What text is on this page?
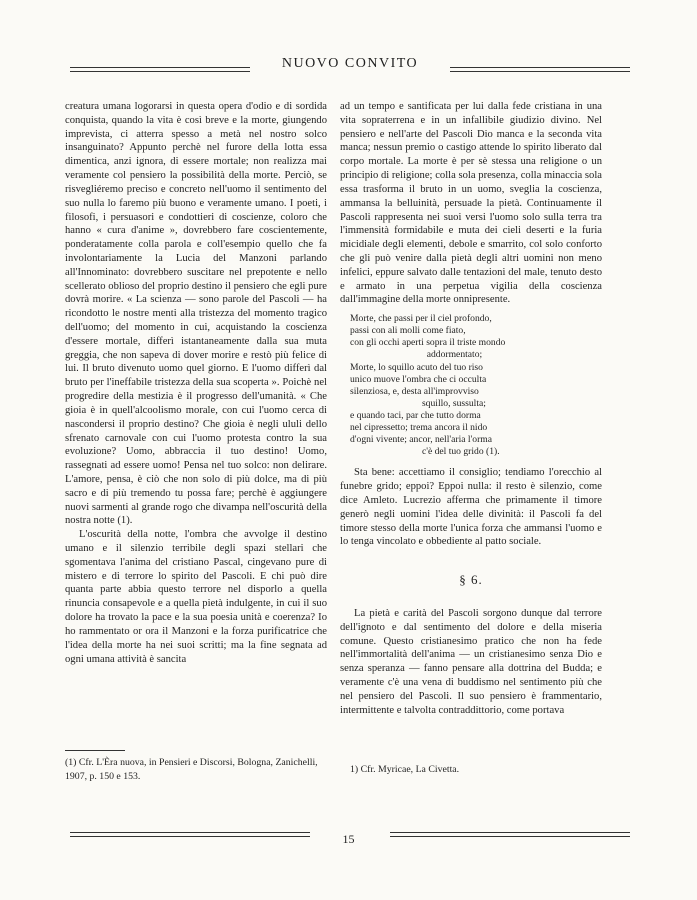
NUOVO CONVITO

creatura umana logorarsi in questa opera d'odio e di sordida conquista, quando la vita è così breve e la morte, giungendo imprevista, ci atterra spesso a metà nel nostro solco insanguinato? Appunto perchè nel furore della lotta essa dimentica, anzi ignora, di essere mortale; non realizza mai veramente col pensiero la possibilità della morte. Perciò, se risvegliéremo preciso e concreto nell'uomo il sentimento del suo nulla lo faremo più buono e veramente umano. I poeti, i filosofi, i persuasori e condottieri di coscienze, coloro che hanno « cura d'anime », dovrebbero fare coscientemente, ponderatamente colla parola e coll'esempio quello che fa involontariamente la Lucia del Manzoni parlando all'Innominato: dovrebbero suscitare nel prepotente e nello scellerato oblioso del proprio destino il pensiero che egli pure dovrà morire. « La scienza — sono parole del Pascoli — ha ricondotto le nostre menti alla tristezza del momento tragico dell'uomo; del momento in cui, acquistando la coscienza d'essere mortale, differì istantaneamente dalla sua muta greggia, che non sapeva di dover morire e restò più felice di lui. Il bruto divenuto uomo quel giorno. E l'uomo differì dal bruto per l'ineffabile tristezza della sua scoperta ». Poichè nel progredire della mestizia è il progresso dell'umanità. « Che gioia è in quell'alcoolismo morale, con cui l'uomo cerca di nascondersi il proprio destino? Che gioia è negli ululi dello sfrenato carnovale con cui l'uomo protesta contro la sua evoluzione? Uomo, abbraccia il tuo destino! Uomo, rassegnati ad essere uomo! Pensa nel tuo solco: non delirare. L'amore, pensa, è ciò che non solo di più dolce, ma di più sacro e di più tremendo tu possa fare; perchè è aggiungere nuovi sarmenti al grande rogo che divampa nell'oscurità della nostra notte (1).

L'oscurità della notte, l'ombra che avvolge il destino umano e il silenzio terribile degli spazi stellari che sgomentava l'anima del cristiano Pascal, cingevano pure di mistero e di terrore lo spirito del Pascoli. E chi può dire quanta parte abbia questo terrore nel disporlo a quella rinuncia consapevole e a quella pietà indulgente, in cui il suo dolore ha trovato la pace e la sua poesia unità e coerenza? Io ho rammentato or ora il Manzoni e la forza purificatrice che l'idea della morte ha nei suoi scritti; ma la fine segnata ad ogni umana attività è sancita

ad un tempo e santificata per lui dalla fede cristiana in una vita sopraterrena e in un infallibile giudizio divino. Nel pensiero e nell'arte del Pascoli Dio manca e la seconda vita manca; nessun premio o castigo attende lo spirito liberato dal corpo mortale. La morte è per sè stessa una religione o un principio di religione; colla sola presenza, colla minaccia sola essa trasforma il bruto in un uomo, sveglia la coscienza, ammansa la belluinità, persuade la pietà. Continuamente il Pascoli rappresenta nei suoi versi l'uomo solo sulla terra tra l'immensità formidabile e muta dei cieli deserti e la furia micidiale degli elementi, debole e smarrito, col solo conforto che gli può venire dalla pietà degli altri uomini non meno infelici, eppure salvato dalle tentazioni del male, tenuto desto e armato in una perpetua vigilia della coscienza dall'immagine della morte onnipresente.

Morte, che passi per il ciel profondo,
passi con ali molli come fiato,
con gli occhi aperti sopra il triste mondo
addormentato;
Morte, lo squillo acuto del tuo riso
unico muove l'ombra che ci occulta
silenziosa, e, desta all'improvviso
squillo, sussulta;
e quando taci, par che tutto dorma
nel cipressetto; trema ancora il nido
d'ogni vivente; ancor, nell'aria l'orma
c'è del tuo grido (1).

Sta bene: accettiamo il consiglio; tendiamo l'orecchio al funebre grido; eppoi? Eppoi nulla: il resto è silenzio, come dice Amleto. Lucrezio afferma che primamente il timore generò negli uomini l'idea delle divinità: il Pascoli fa del timore stesso della morte l'unica forza che ammansi l'uomo e lo tenga vincolato e obbediente al patto sociale.

§ 6.

La pietà e carità del Pascoli sorgono dunque dal terrore dell'ignoto e dal sentimento del dolore e della miseria comune. Questo cristianesimo pratico che non ha fede nell'immortalità dell'anima — un cristianesimo senza Dio e senza speranza — fanno pensare alla dottrina del Budda; e veramente c'è una vena di buddismo nel sentimento più che nel pensiero del Pascoli. Il suo pensiero è frammentario, intermittente e talvolta contraddittorio, come portava

(1) Cfr. L'Èra nuova, in Pensieri e Discorsi, Bologna, Zanichelli, 1907, p. 150 e 153.
1) Cfr. Myricae, La Civetta.
15
